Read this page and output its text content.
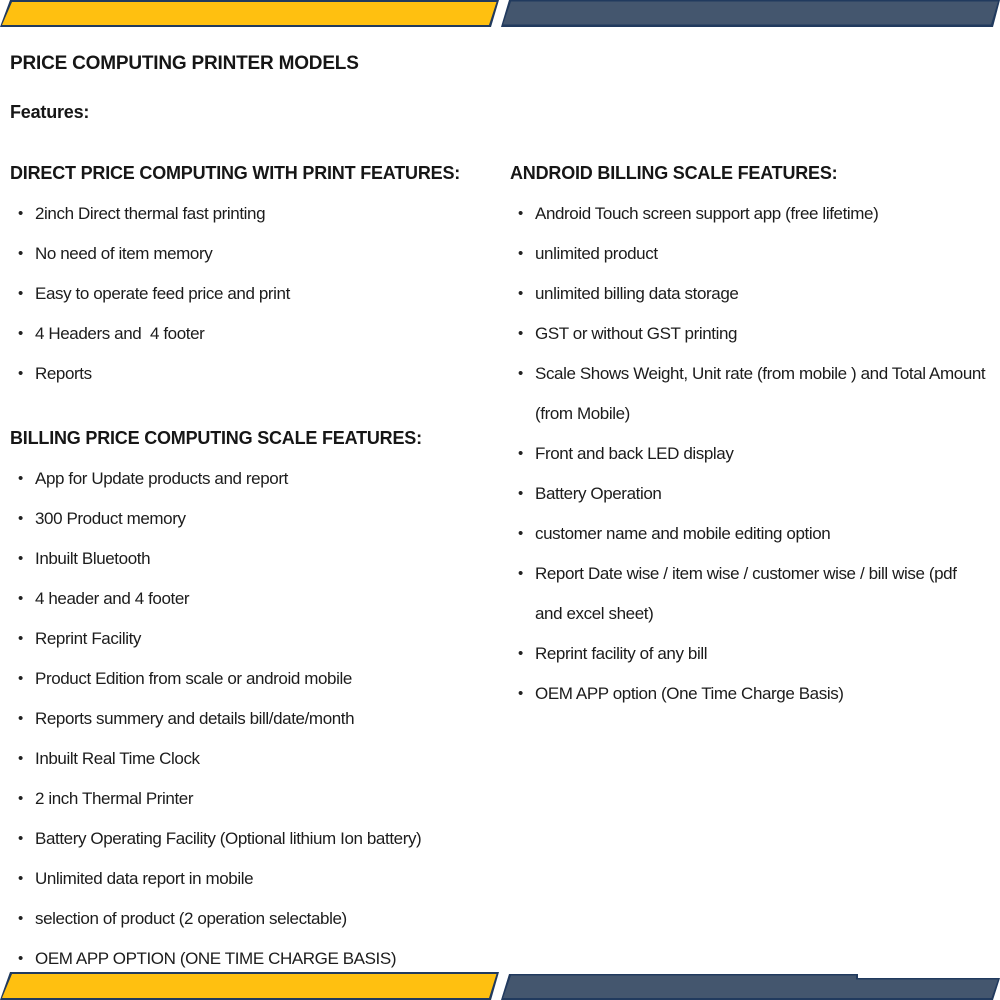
PRICE COMPUTING PRINTER MODELS
Features:
DIRECT PRICE COMPUTING WITH PRINT FEATURES:
• 2inch Direct thermal fast printing
• No need of item memory
• Easy to operate feed price and print
• 4 Headers and  4 footer
• Reports
BILLING PRICE COMPUTING SCALE FEATURES:
• App for Update products and report
• 300 Product memory
• Inbuilt Bluetooth
• 4 header and 4 footer
• Reprint Facility
• Product Edition from scale or android mobile
• Reports summery and details bill/date/month
• Inbuilt Real Time Clock
• 2 inch Thermal Printer
• Battery Operating Facility (Optional lithium Ion battery)
• Unlimited data report in mobile
• selection of product (2 operation selectable)
• OEM APP OPTION (ONE TIME CHARGE BASIS)
ANDROID BILLING SCALE FEATURES:
• Android Touch screen support app (free lifetime)
• unlimited product
• unlimited billing data storage
• GST or without GST printing
• Scale Shows Weight, Unit rate (from mobile ) and Total Amount (from Mobile)
• Front and back LED display
• Battery Operation
• customer name and mobile editing option
• Report Date wise / item wise / customer wise / bill wise (pdf and excel sheet)
• Reprint facility of any bill
• OEM APP option (One Time Charge Basis)
